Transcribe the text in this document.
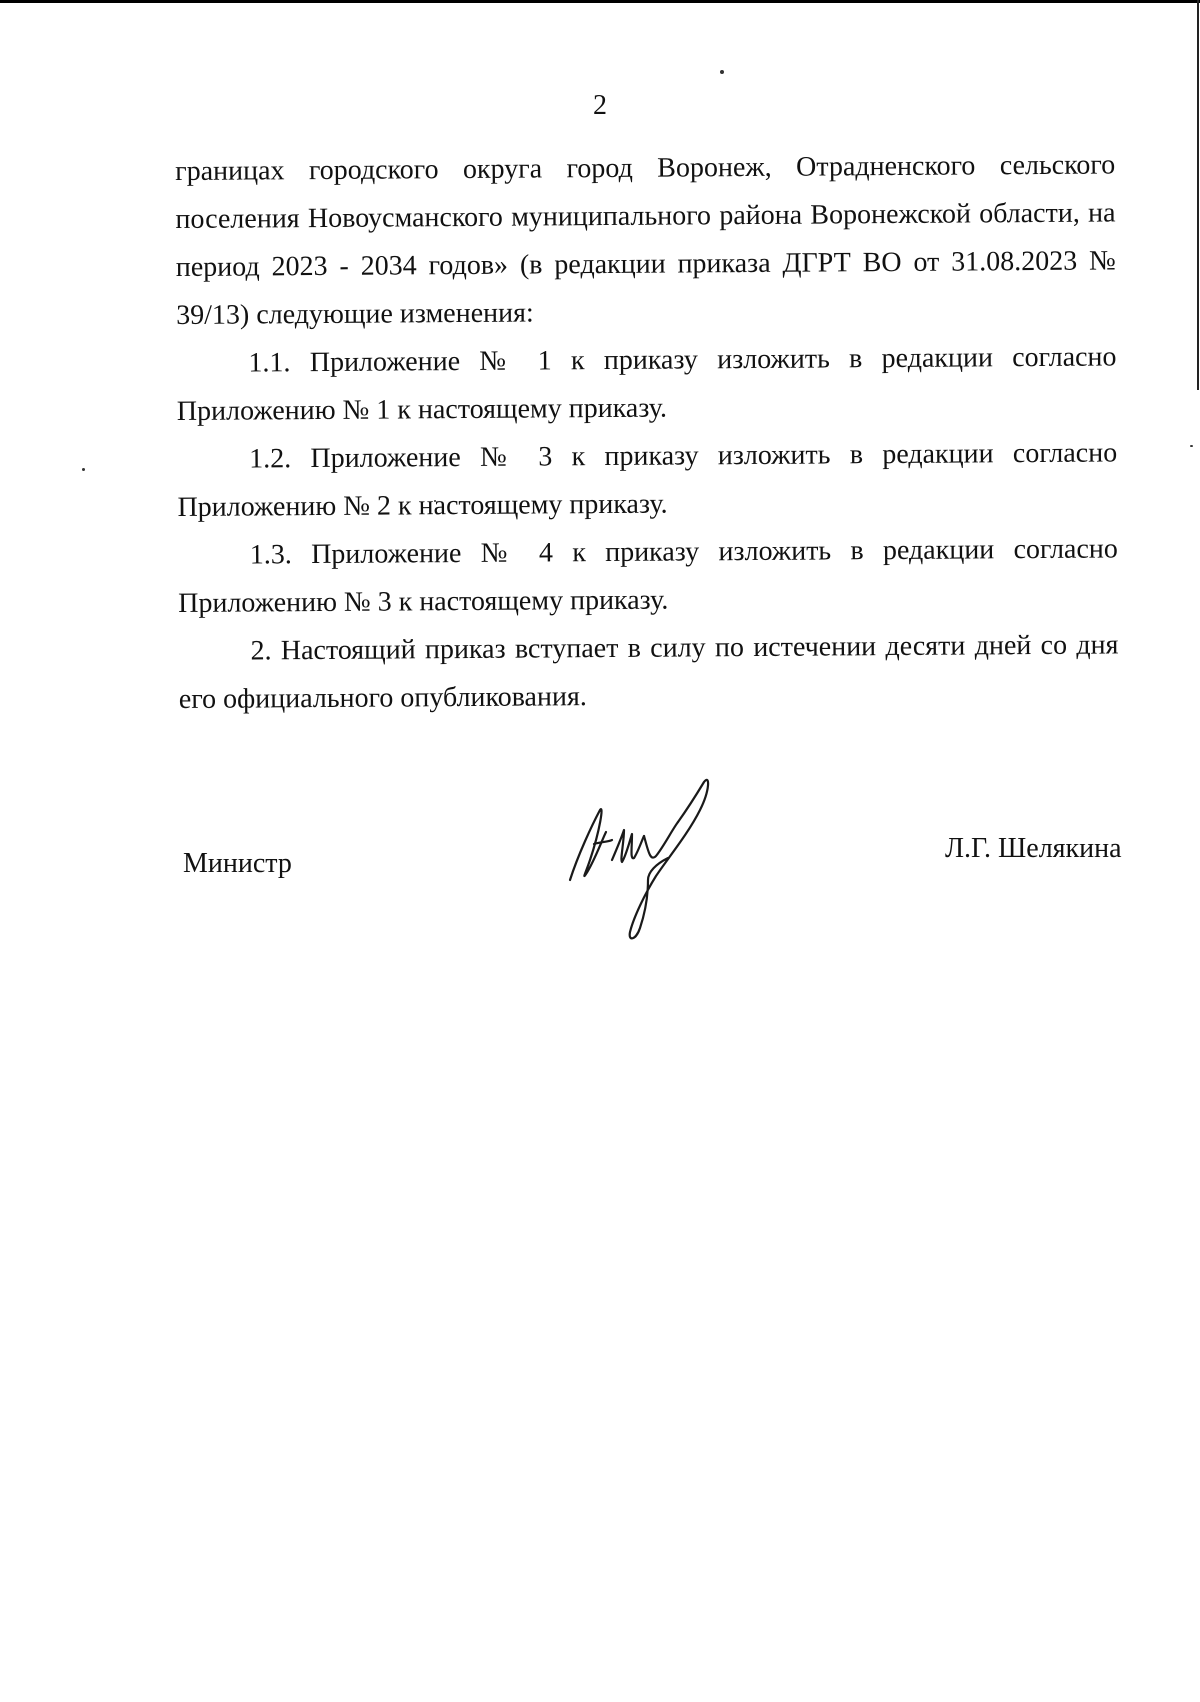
2

границах городского округа город Воронеж, Отрадненского сельского поселения Новоусманского муниципального района Воронежской области, на период 2023 - 2034 годов» (в редакции приказа ДГРТ ВО от 31.08.2023 № 39/13) следующие изменения:

1.1. Приложение № 1 к приказу изложить в редакции согласно Приложению № 1 к настоящему приказу.

1.2. Приложение № 3 к приказу изложить в редакции согласно Приложению № 2 к настоящему приказу.

1.3. Приложение № 4 к приказу изложить в редакции согласно Приложению № 3 к настоящему приказу.

2. Настоящий приказ вступает в силу по истечении десяти дней со дня его официального опубликования.

Министр	Л.Г. Шелякина
